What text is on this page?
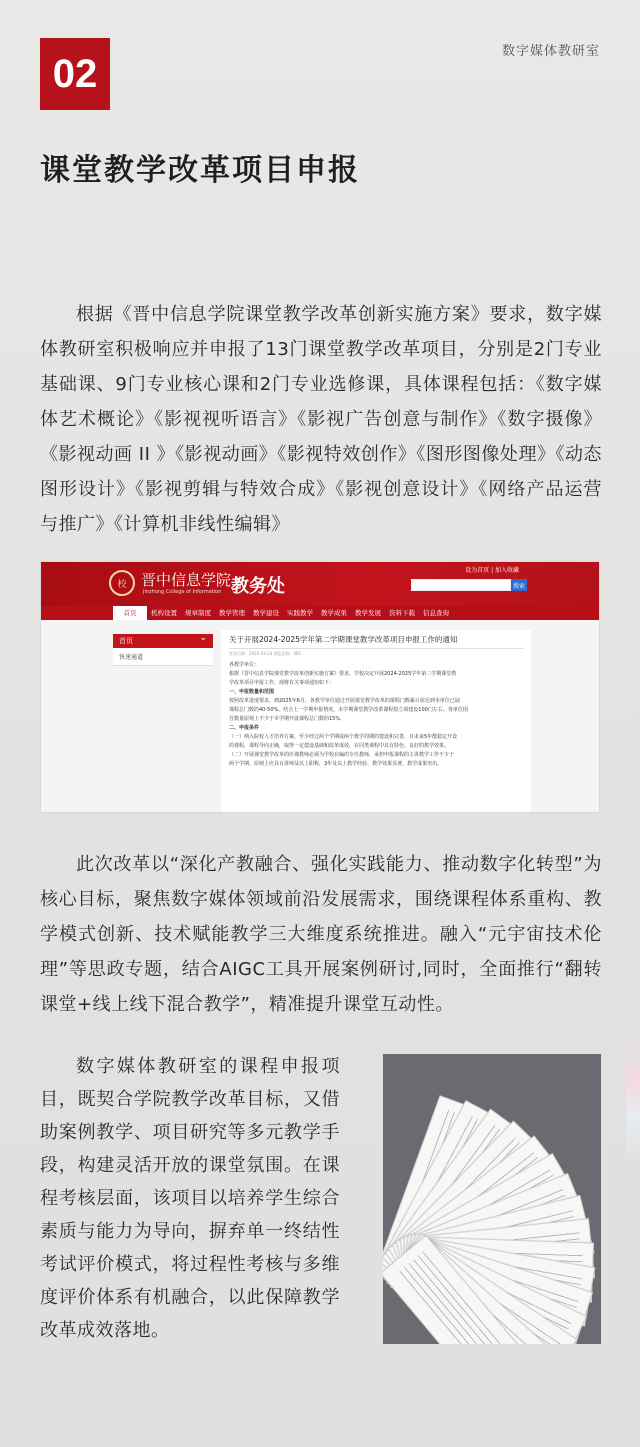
02	数字媒体教研室
课堂教学改革项目申报

根据《晋中信息学院课堂教学改革创新实施方案》要求，数字媒体教研室积极响应并申报了13门课堂教学改革项目，分别是2门专业基础课、9门专业核心课和2门专业选修课，具体课程包括：《数字媒体艺术概论》《影视视听语言》《影视广告创意与制作》《数字摄像》《影视动画 II 》《影视动画》《影视特效创作》《图形图像处理》《动态图形设计》《影视剪辑与特效合成》《影视创意设计》《网络产品运营与推广》《计算机非线性编辑》

校 晋中信息学院
Jinzhong College of Information 教务处
设为首页 | 加入收藏
搜索
首页	机构设置	规章制度	教学管理	教学建设	实践教学	教学成果	教学发展	资料下载	信息查询
首页 ⌄
快速通道
关于开展2024-2025学年第二学期课堂教学改革项目申报工作的通知
发布日期：2025-03-14 浏览次数：381
各教学单位：
根据《晋中信息学院课堂教学改革创新实施方案》要求，学校决定开展2024-2025学年第二学期课堂教
学改革项目申报工作，现将有关事项通知如下：
一、申报数量和范围
按照改革进度要求，到2025年6月，各教学单位通过开展课堂教学改革的课程门数累计需达到本单位已展
课程总门数的40-50%。结合上一学期申报情况，本学期课堂教学改革课程拟立项建设100门左右。各单位围
吾数量原则上不少于本学期开设课程总门数的15%。
二、申报条件
（一）纳入院校人才培养方案，至少经过两个学期或两个教学周期的建设和完善，且未来5年能稳定开设
的课程，课程导向正确，取得一定建设基础和改革成效，在同类课程中具有特色、良好的教学效果。
（二）开展课堂教学改革的任课教师必须为学校在编的专任教师，承担申报课程的主讲教学工作不少于
两个学期。原则上应具有讲师及以上职称，3年及以上教学经验，教学效果显著，教学成果突出。

此次改革以“深化产教融合、强化实践能力、推动数字化转型”为核心目标，聚焦数字媒体领域前沿发展需求，围绕课程体系重构、教学模式创新、技术赋能教学三大维度系统推进。融入“元宇宙技术伦理”等思政专题，结合AIGC工具开展案例研讨,同时，全面推行“翻转课堂+线上线下混合教学”，精准提升课堂互动性。

数字媒体教研室的课程申报项目，既契合学院教学改革目标，又借助案例教学、项目研究等多元教学手段，构建灵活开放的课堂氛围。在课程考核层面，该项目以培养学生综合素质与能力为导向，摒弃单一终结性考试评价模式，将过程性考核与多维度评价体系有机融合，以此保障教学改革成效落地。
